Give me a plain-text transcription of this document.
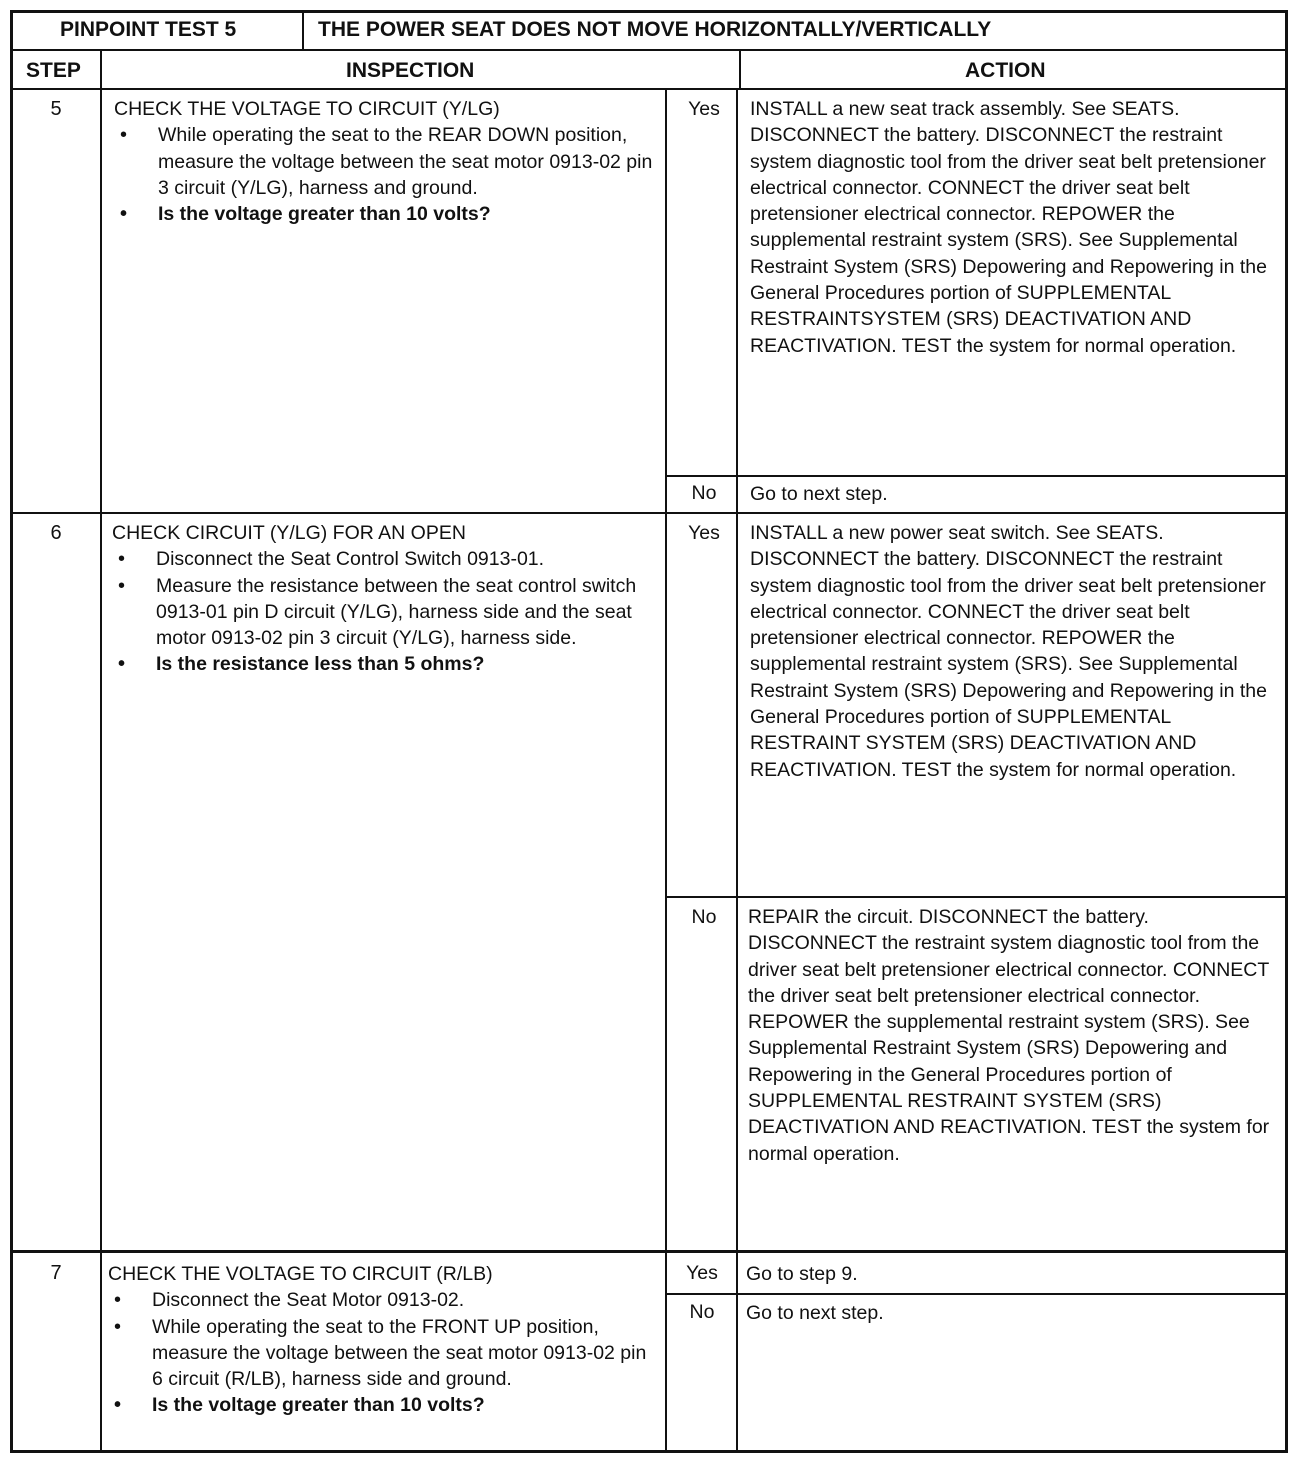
PINPOINT TEST 5	THE POWER SEAT DOES NOT MOVE HORIZONTALLY/VERTICALLY
STEP	INSPECTION	ACTION
5	CHECK THE VOLTAGE TO CIRCUIT (Y/LG)
• While operating the seat to the REAR DOWN position, measure the voltage between the seat motor 0913-02 pin 3 circuit (Y/LG), harness and ground.
• Is the voltage greater than 10 volts?
Yes	INSTALL a new seat track assembly. See SEATS. DISCONNECT the battery. DISCONNECT the restraint system diagnostic tool from the driver seat belt pretensioner electrical connector. CONNECT the driver seat belt pretensioner electrical connector. REPOWER the supplemental restraint system (SRS). See Supplemental Restraint System (SRS) Depowering and Repowering in the General Procedures portion of SUPPLEMENTAL RESTRAINTSYSTEM (SRS) DEACTIVATION AND REACTIVATION. TEST the system for normal operation.
No	Go to next step.
6	CHECK CIRCUIT (Y/LG) FOR AN OPEN
• Disconnect the Seat Control Switch 0913-01.
• Measure the resistance between the seat control switch 0913-01 pin D circuit (Y/LG), harness side and the seat motor 0913-02 pin 3 circuit (Y/LG), harness side.
• Is the resistance less than 5 ohms?
Yes	INSTALL a new power seat switch. See SEATS. DISCONNECT the battery. DISCONNECT the restraint system diagnostic tool from the driver seat belt pretensioner electrical connector. CONNECT the driver seat belt pretensioner electrical connector. REPOWER the supplemental restraint system (SRS). See Supplemental Restraint System (SRS) Depowering and Repowering in the General Procedures portion of SUPPLEMENTAL RESTRAINT SYSTEM (SRS) DEACTIVATION AND REACTIVATION. TEST the system for normal operation.
No	REPAIR the circuit. DISCONNECT the battery. DISCONNECT the restraint system diagnostic tool from the driver seat belt pretensioner electrical connector. CONNECT the driver seat belt pretensioner electrical connector. REPOWER the supplemental restraint system (SRS). See Supplemental Restraint System (SRS) Depowering and Repowering in the General Procedures portion of SUPPLEMENTAL RESTRAINT SYSTEM (SRS) DEACTIVATION AND REACTIVATION. TEST the system for normal operation.
7	CHECK THE VOLTAGE TO CIRCUIT (R/LB)
• Disconnect the Seat Motor 0913-02.
• While operating the seat to the FRONT UP position, measure the voltage between the seat motor 0913-02 pin 6 circuit (R/LB), harness side and ground.
• Is the voltage greater than 10 volts?
Yes	Go to step 9.
No	Go to next step.
